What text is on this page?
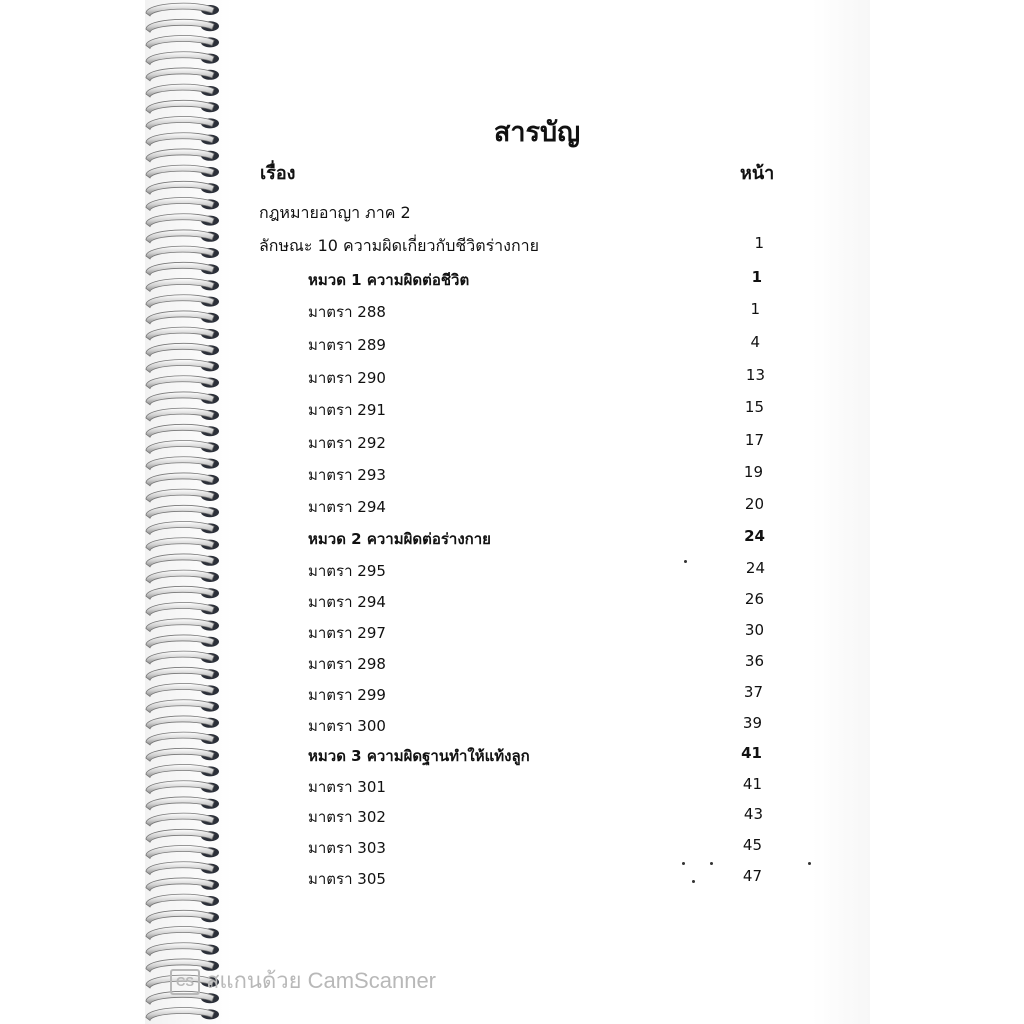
สารบัญ
เรื่อง	หน้า
กฎหมายอาญา ภาค 2
ลักษณะ 10 ความผิดเกี่ยวกับชีวิตร่างกาย	1
หมวด 1 ความผิดต่อชีวิต	1
มาตรา 288	1
มาตรา 289	4
มาตรา 290	13
มาตรา 291	15
มาตรา 292	17
มาตรา 293	19
มาตรา 294	20
หมวด 2 ความผิดต่อร่างกาย	24
มาตรา 295	24
มาตรา 294	26
มาตรา 297	30
มาตรา 298	36
มาตรา 299	37
มาตรา 300	39
หมวด 3 ความผิดฐานทำให้แท้งลูก	41
มาตรา 301	41
มาตรา 302	43
มาตรา 303	45
มาตรา 305	47
CS สแกนด้วย CamScanner
